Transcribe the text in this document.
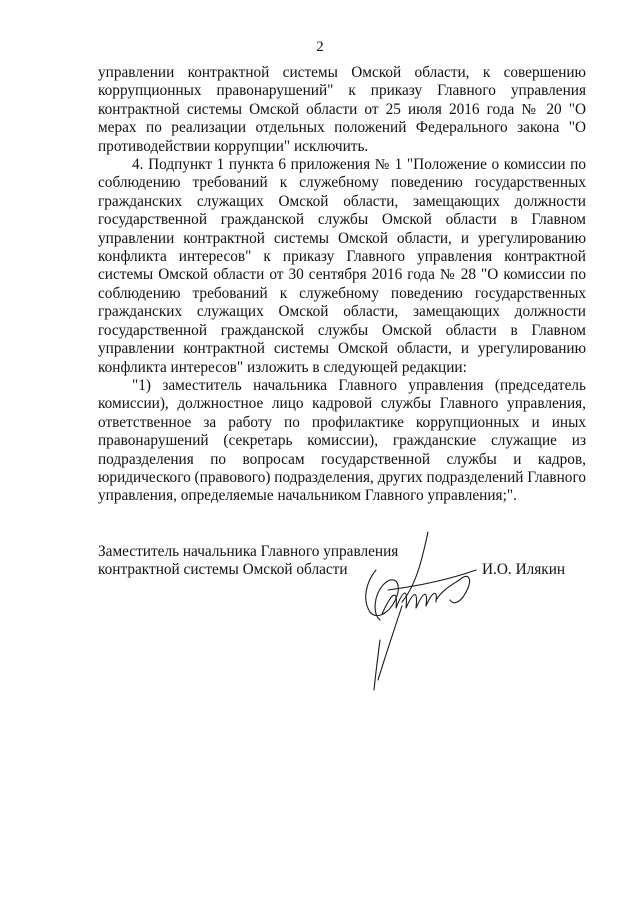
2

управлении контрактной системы Омской области, к совершению коррупционных правонарушений" к приказу Главного управления контрактной системы Омской области от 25 июля 2016 года № 20 "О мерах по реализации отдельных положений Федерального закона "О противодействии коррупции" исключить.

4. Подпункт 1 пункта 6 приложения № 1 "Положение о комиссии по соблюдению требований к служебному поведению государственных гражданских служащих Омской области, замещающих должности государственной гражданской службы Омской области в Главном управлении контрактной системы Омской области, и урегулированию конфликта интересов" к приказу Главного управления контрактной системы Омской области от 30 сентября 2016 года № 28 "О комиссии по соблюдению требований к служебному поведению государственных гражданских служащих Омской области, замещающих должности государственной гражданской службы Омской области в Главном управлении контрактной системы Омской области, и урегулированию конфликта интересов" изложить в следующей редакции:

"1) заместитель начальника Главного управления (председатель комиссии), должностное лицо кадровой службы Главного управления, ответственное за работу по профилактике коррупционных и иных правонарушений (секретарь комиссии), гражданские служащие из подразделения по вопросам государственной службы и кадров, юридического (правового) подразделения, других подразделений Главного управления, определяемые начальником Главного управления;".

Заместитель начальника Главного управления
контрактной системы Омской области	И.О. Илякин
